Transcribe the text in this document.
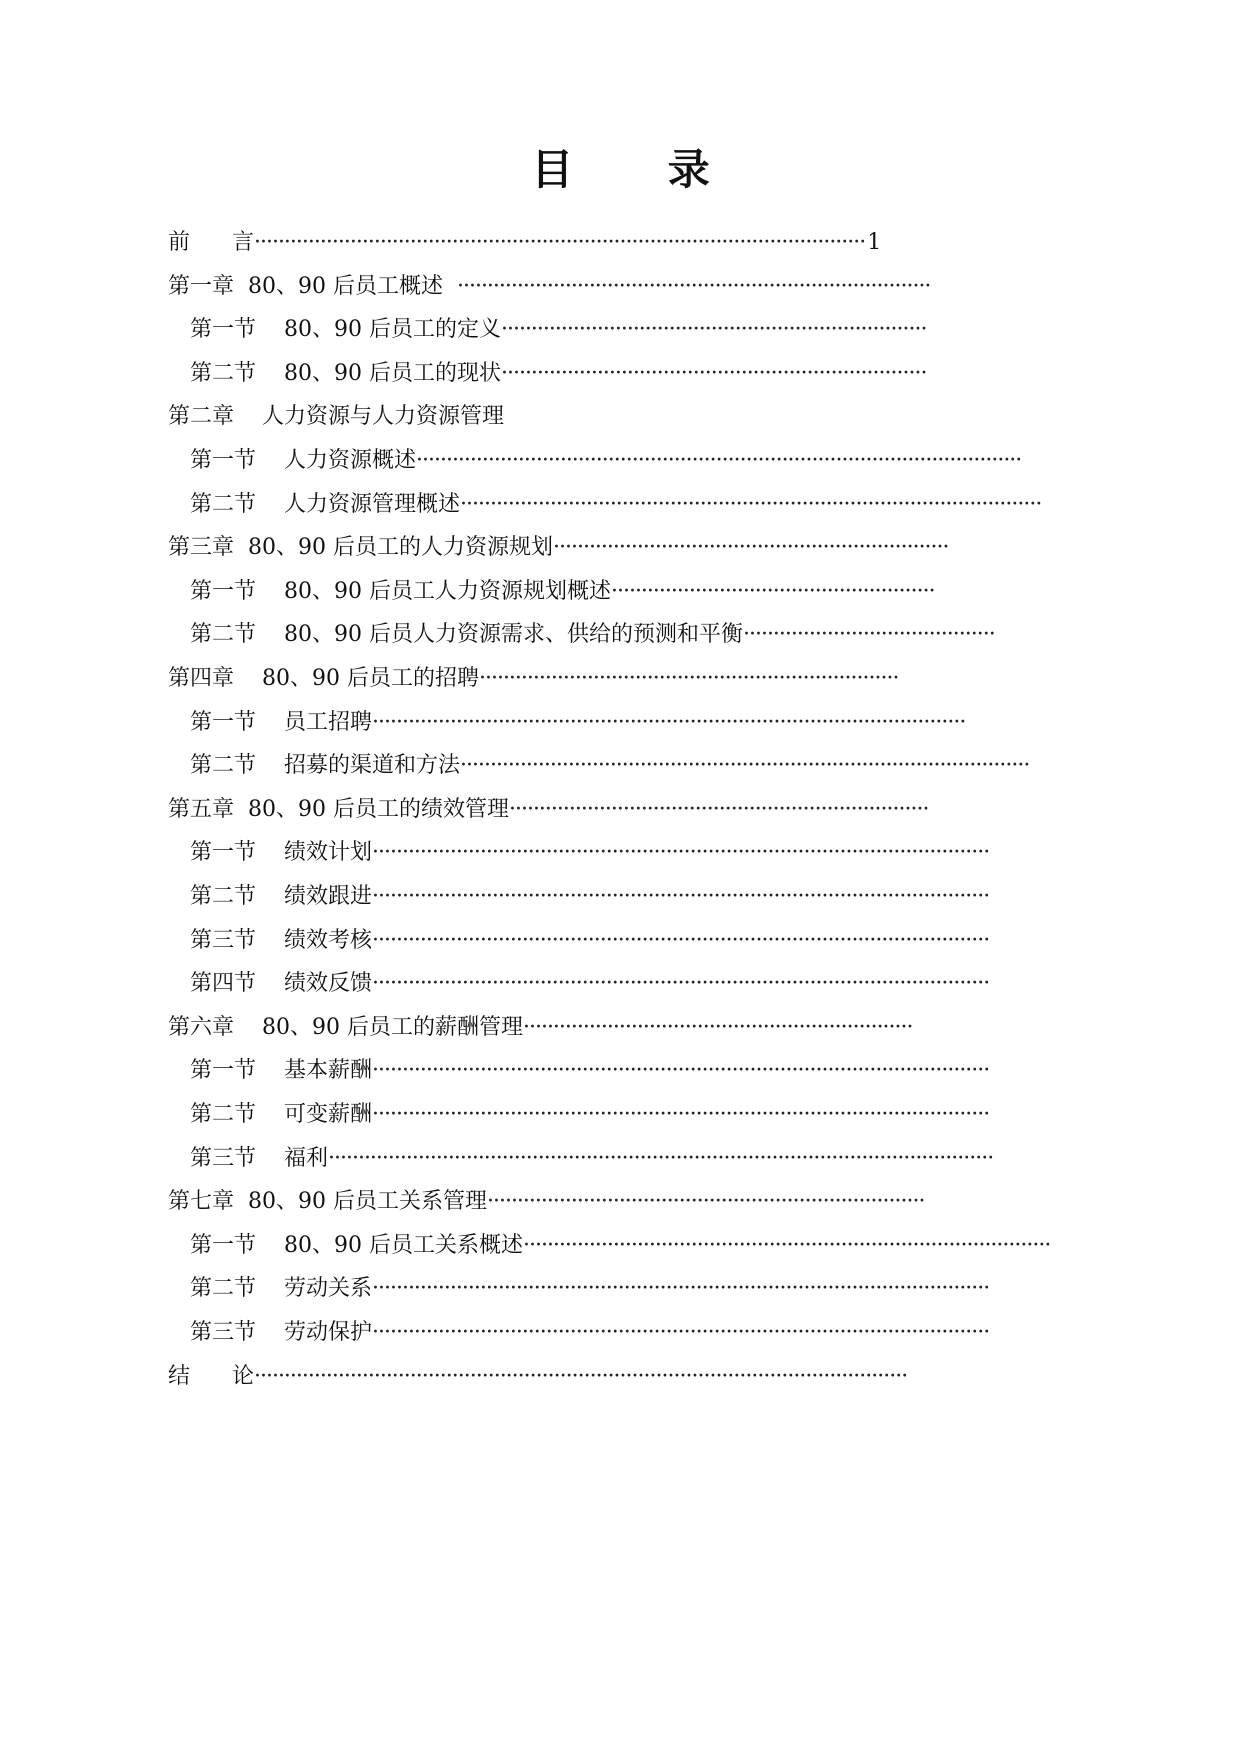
目 录
前      言······································································································1
第一章  80、90 后员工概述  ···············································································
第一节    80、90 后员工的定义·······································································
第二节    80、90 后员工的现状·······································································
第二章    人力资源与人力资源管理
第一节    人力资源概述·····································································································
第二节    人力资源管理概述·································································································
第三章  80、90 后员工的人力资源规划··································································
第一节    80、90 后员工人力资源规划概述······················································
第二节    80、90 后员人力资源需求、供给的预测和平衡··········································
第四章    80、90 后员工的招聘······································································
第一节    员工招聘···································································································
第二节    招募的渠道和方法·······························································································
第五章  80、90 后员工的绩效管理······································································
第一节    绩效计划·······································································································
第二节    绩效跟进·······································································································
第三节    绩效考核·······································································································
第四节    绩效反馈·······································································································
第六章    80、90 后员工的薪酬管理·································································
第一节    基本薪酬·······································································································
第二节    可变薪酬·······································································································
第三节    福利···············································································································
第七章  80、90 后员工关系管理·········································································
第一节    80、90 后员工关系概述························································································
第二节    劳动关系·······································································································
第三节    劳动保护·······································································································
结      论·············································································································
